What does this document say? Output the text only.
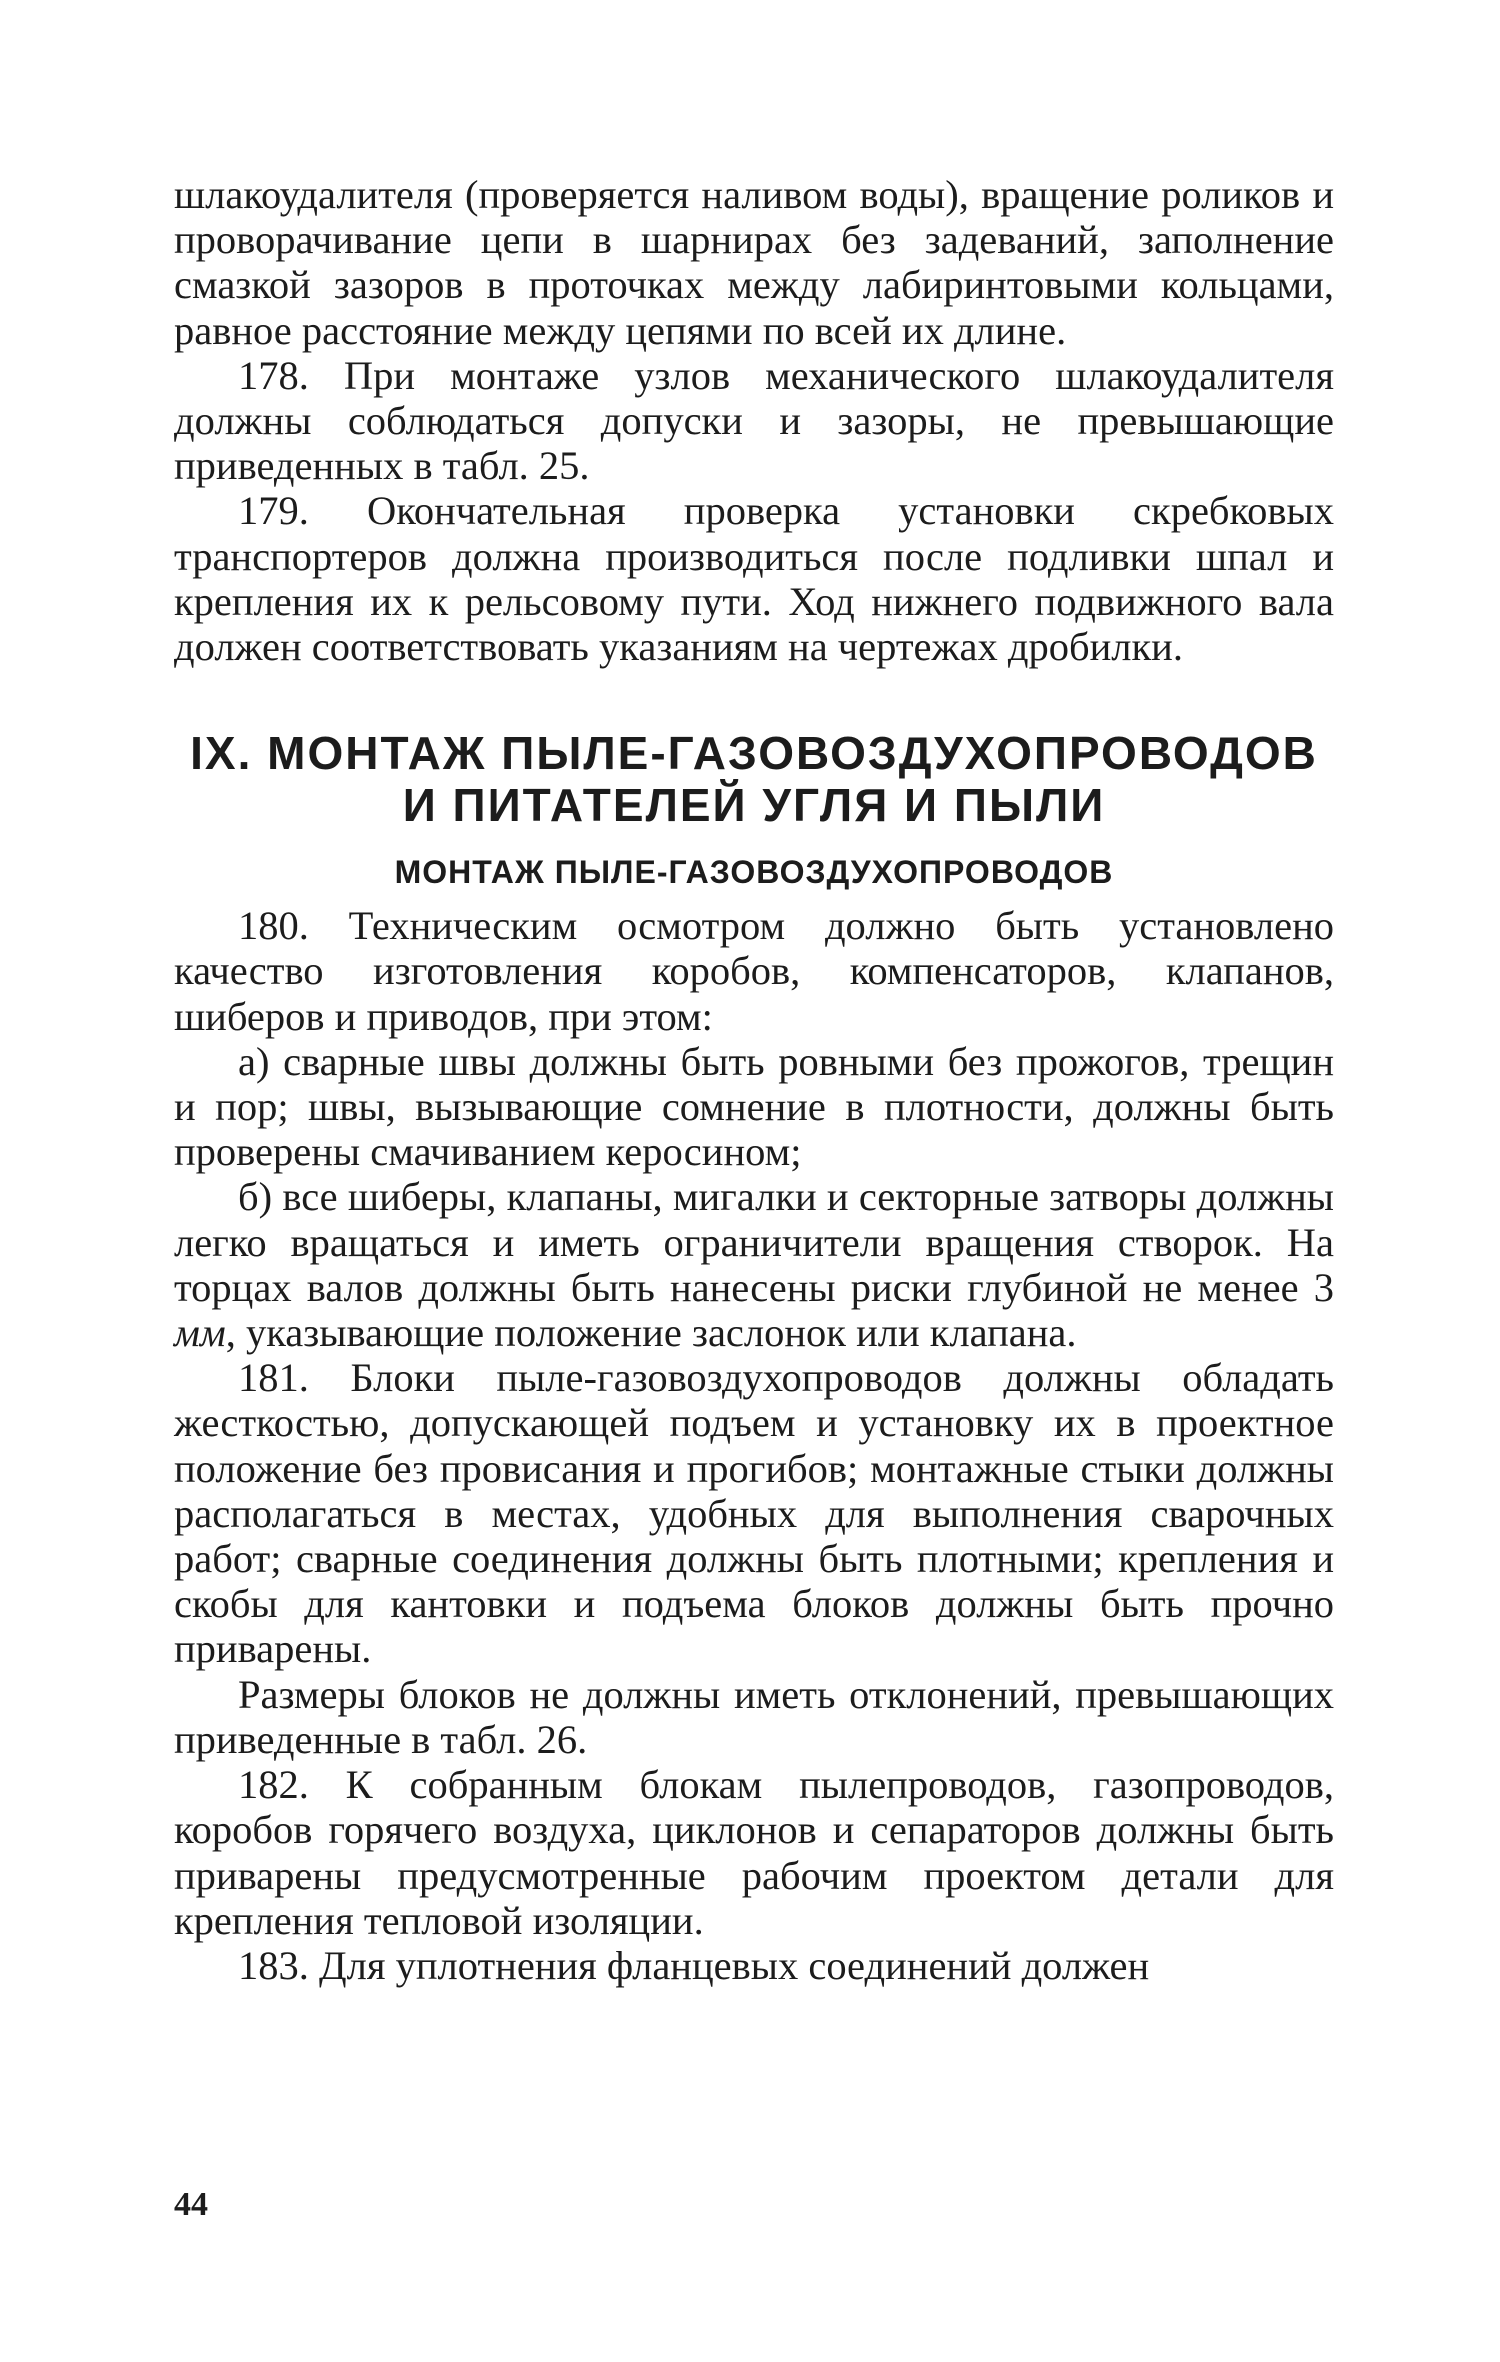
шлакоудалителя (проверяется наливом воды), вращение роликов и проворачивание цепи в шарнирах без задеваний, заполнение смазкой зазоров в проточках между лабиринтовыми кольцами, равное расстояние между цепями по всей их длине.

178. При монтаже узлов механического шлакоудалителя должны соблюдаться допуски и зазоры, не превышающие приведенных в табл. 25.

179. Окончательная проверка установки скребковых транспортеров должна производиться после подливки шпал и крепления их к рельсовому пути. Ход нижнего подвижного вала должен соответствовать указаниям на чертежах дробилки.

IX. МОНТАЖ ПЫЛЕ-ГАЗОВОЗДУХОПРОВОДОВ
И ПИТАТЕЛЕЙ УГЛЯ И ПЫЛИ
МОНТАЖ ПЫЛЕ-ГАЗОВОЗДУХОПРОВОДОВ

180. Техническим осмотром должно быть установлено качество изготовления коробов, компенсаторов, клапанов, шиберов и приводов, при этом:

а) сварные швы должны быть ровными без прожогов, трещин и пор; швы, вызывающие сомнение в плотности, должны быть проверены смачиванием керосином;

б) все шиберы, клапаны, мигалки и секторные затворы должны легко вращаться и иметь ограничители вращения створок. На торцах валов должны быть нанесены риски глубиной не менее 3 мм, указывающие положение заслонок или клапана.

181. Блоки пыле-газовоздухопроводов должны обладать жесткостью, допускающей подъем и установку их в проектное положение без провисания и прогибов; монтажные стыки должны располагаться в местах, удобных для выполнения сварочных работ; сварные соединения должны быть плотными; крепления и скобы для кантовки и подъема блоков должны быть прочно приварены.

Размеры блоков не должны иметь отклонений, превышающих приведенные в табл. 26.

182. К собранным блокам пылепроводов, газопроводов, коробов горячего воздуха, циклонов и сепараторов должны быть приварены предусмотренные рабочим проектом детали для крепления тепловой изоляции.

183. Для уплотнения фланцевых соединений должен

44
